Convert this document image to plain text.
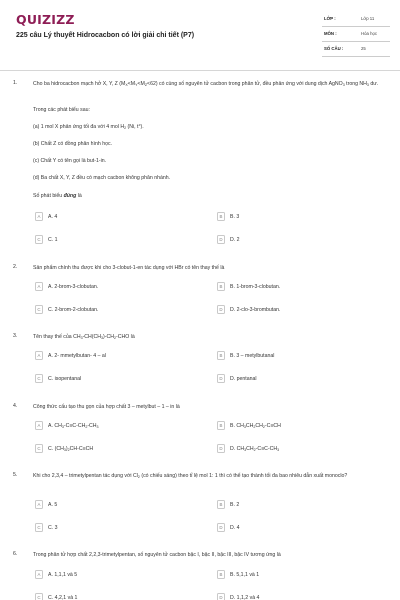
QUIZIZZ
225 câu Lý thuyết Hidrocacbon có lời giải chi tiết (P7)
LỚP :	Lớp 11
MÔN :	Hóa học
SỐ CÂU :	25
1.	Cho ba hidrocacbon mạch hở X, Y, Z $(M_X<M_Y<M_Z<62)$ có cùng số nguyên tử cacbon trong phân tử, đều phản ứng với dung dịch AgNO$_3$ trong $NH_3$ dư.
Trong các phát biểu sau:
(a) 1 mol X phản ứng tối đa với 4 mol $H_2$ (Ni, t°).
(b) Chất Z có đồng phân hình học.
(c) Chất Y có tên gọi là but-1-in.
(d) Ba chất X, Y, Z đều có mạch cacbon không phân nhánh.
Số phát biểu đúng là
A	A. 4	B	B. 3
C	C. 1	D	D. 2
2.	Sản phẩm chính thu được khi cho 3-clobut-1-en tác dụng với HBr có tên thay thế là
A	A. 2-brom-3-clobutan.	B	B. 1-brom-3-clobutan.
C	C. 2-brom-2-clobutan.	D	D. 2-clo-3-brombutan.
3.	Tên thay thế của $CH_3-CH(CH_3)-CH_2$-CHO là
A	A. 2- mmetylbutan- 4 – al	B	B. 3 – metylbutanal
C	C. isopentanal	D	D. pentanal
4.	Công thức cấu tạo thu gọn của hợp chất 3 – metylbut – 1 – in là
A	A. $CH_3-C\equiv C-CH_2-CH_3$	B	B. $CH_3CH_2CH_2-C\equiv CH$
C	C. $(CH_3)_2CH-C\equiv CH$	D	D. $CH_3CH_2-C\equiv C-CH_3$
5.	Khi cho 2,3,4 – trimetylpentan tác dụng với $Cl_2$ (có chiếu sáng) theo tỉ lệ mol 1: 1 thì có thể tạo thành tối đa bao nhiêu dẫn xuất monoclo?
A	A. 5	B	B. 2
C	C. 3	D	D. 4
6.	Trong phân tử hợp chất 2,2,3-trimetylpentan, số nguyên tử cacbon bậc I, bậc II, bậc III, bậc IV tương ứng là
A	A. 1,1,1 và 5	B	B. 5,1,1 và 1
C	C. 4,2,1 và 1	D	D. 1,1,2 và 4
